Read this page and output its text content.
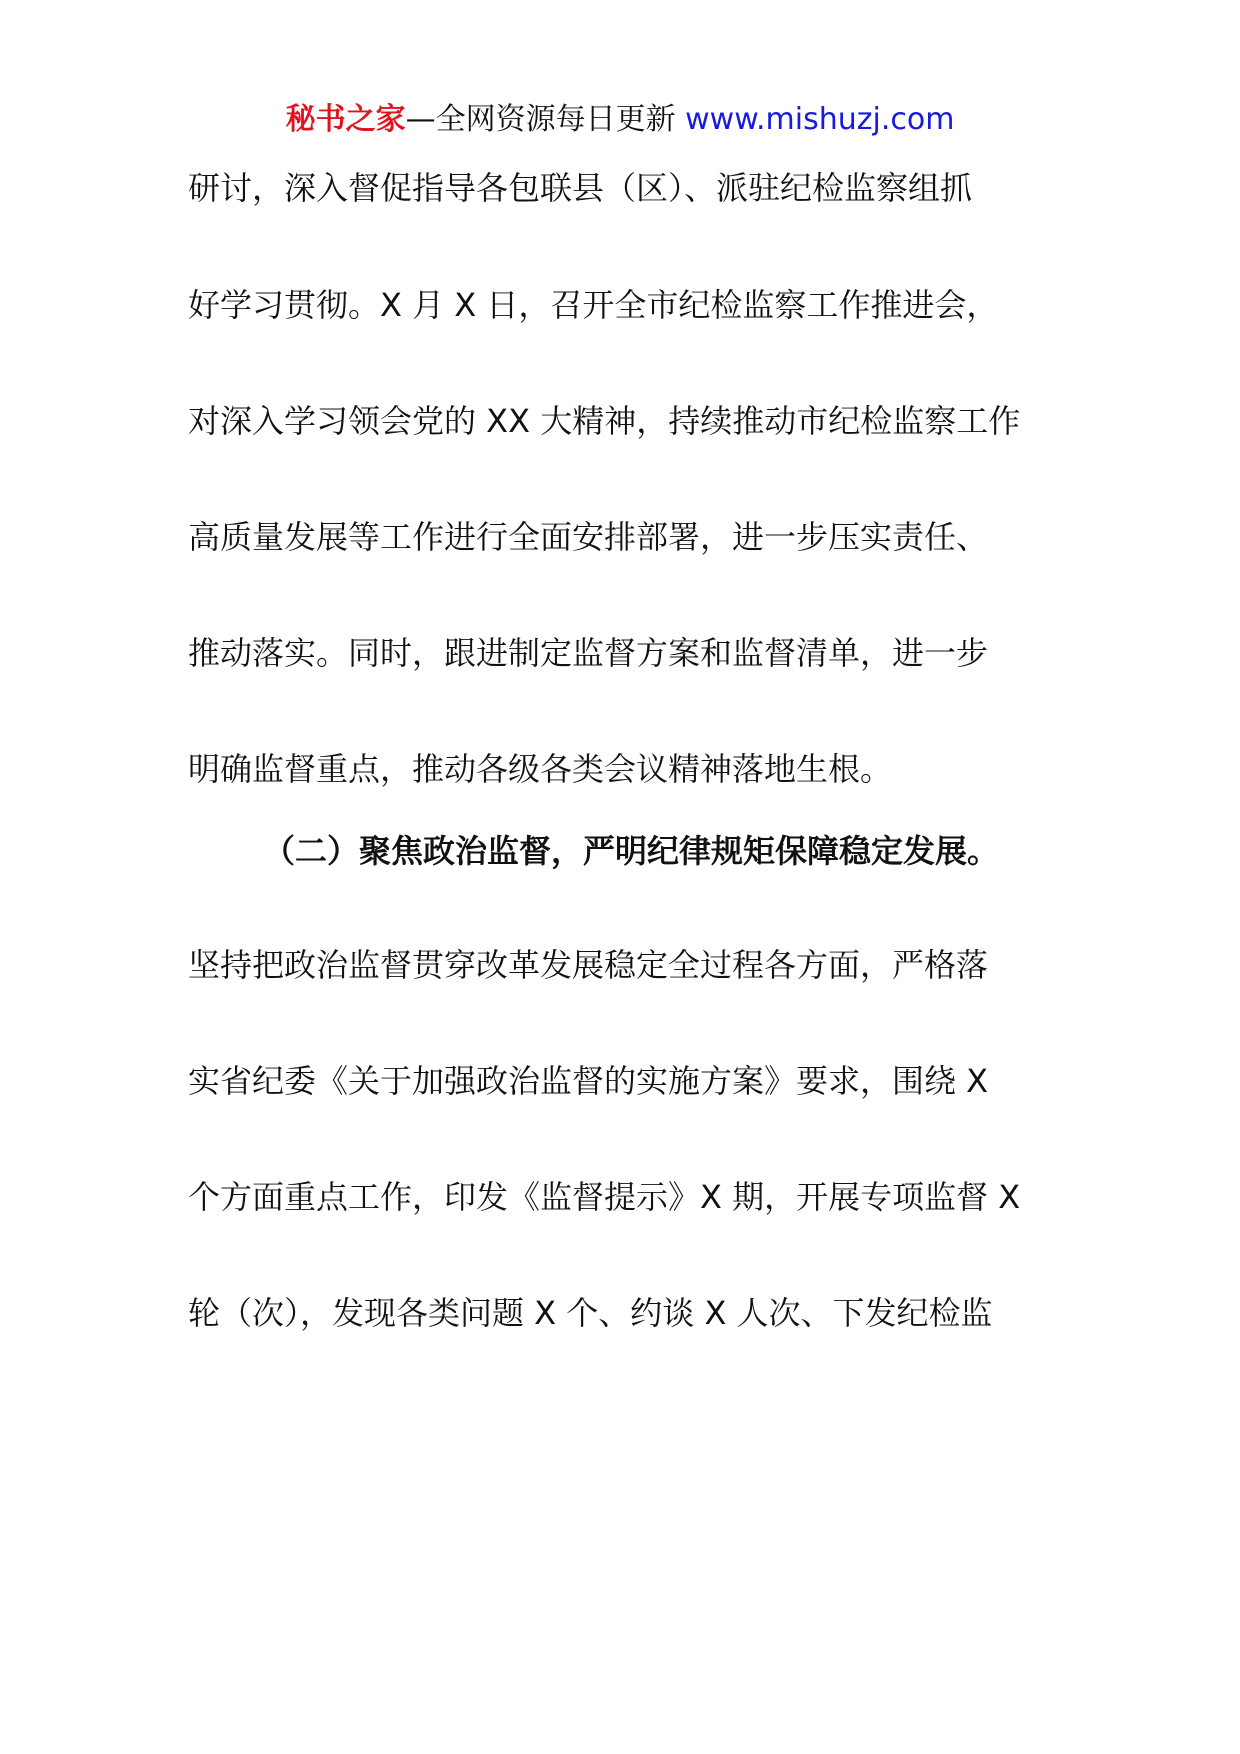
秘书之家—全网资源每日更新 www.mishuzj.com
研讨，深入督促指导各包联县（区）、派驻纪检监察组抓
好学习贯彻。X 月 X 日，召开全市纪检监察工作推进会，
对深入学习领会党的 XX 大精神，持续推动市纪检监察工作
高质量发展等工作进行全面安排部署，进一步压实责任、
推动落实。同时，跟进制定监督方案和监督清单，进一步
明确监督重点，推动各级各类会议精神落地生根。
（二）聚焦政治监督，严明纪律规矩保障稳定发展。
坚持把政治监督贯穿改革发展稳定全过程各方面，严格落
实省纪委《关于加强政治监督的实施方案》要求，围绕 X
个方面重点工作，印发《监督提示》X 期，开展专项监督 X
轮（次），发现各类问题 X 个、约谈 X 人次、下发纪检监
